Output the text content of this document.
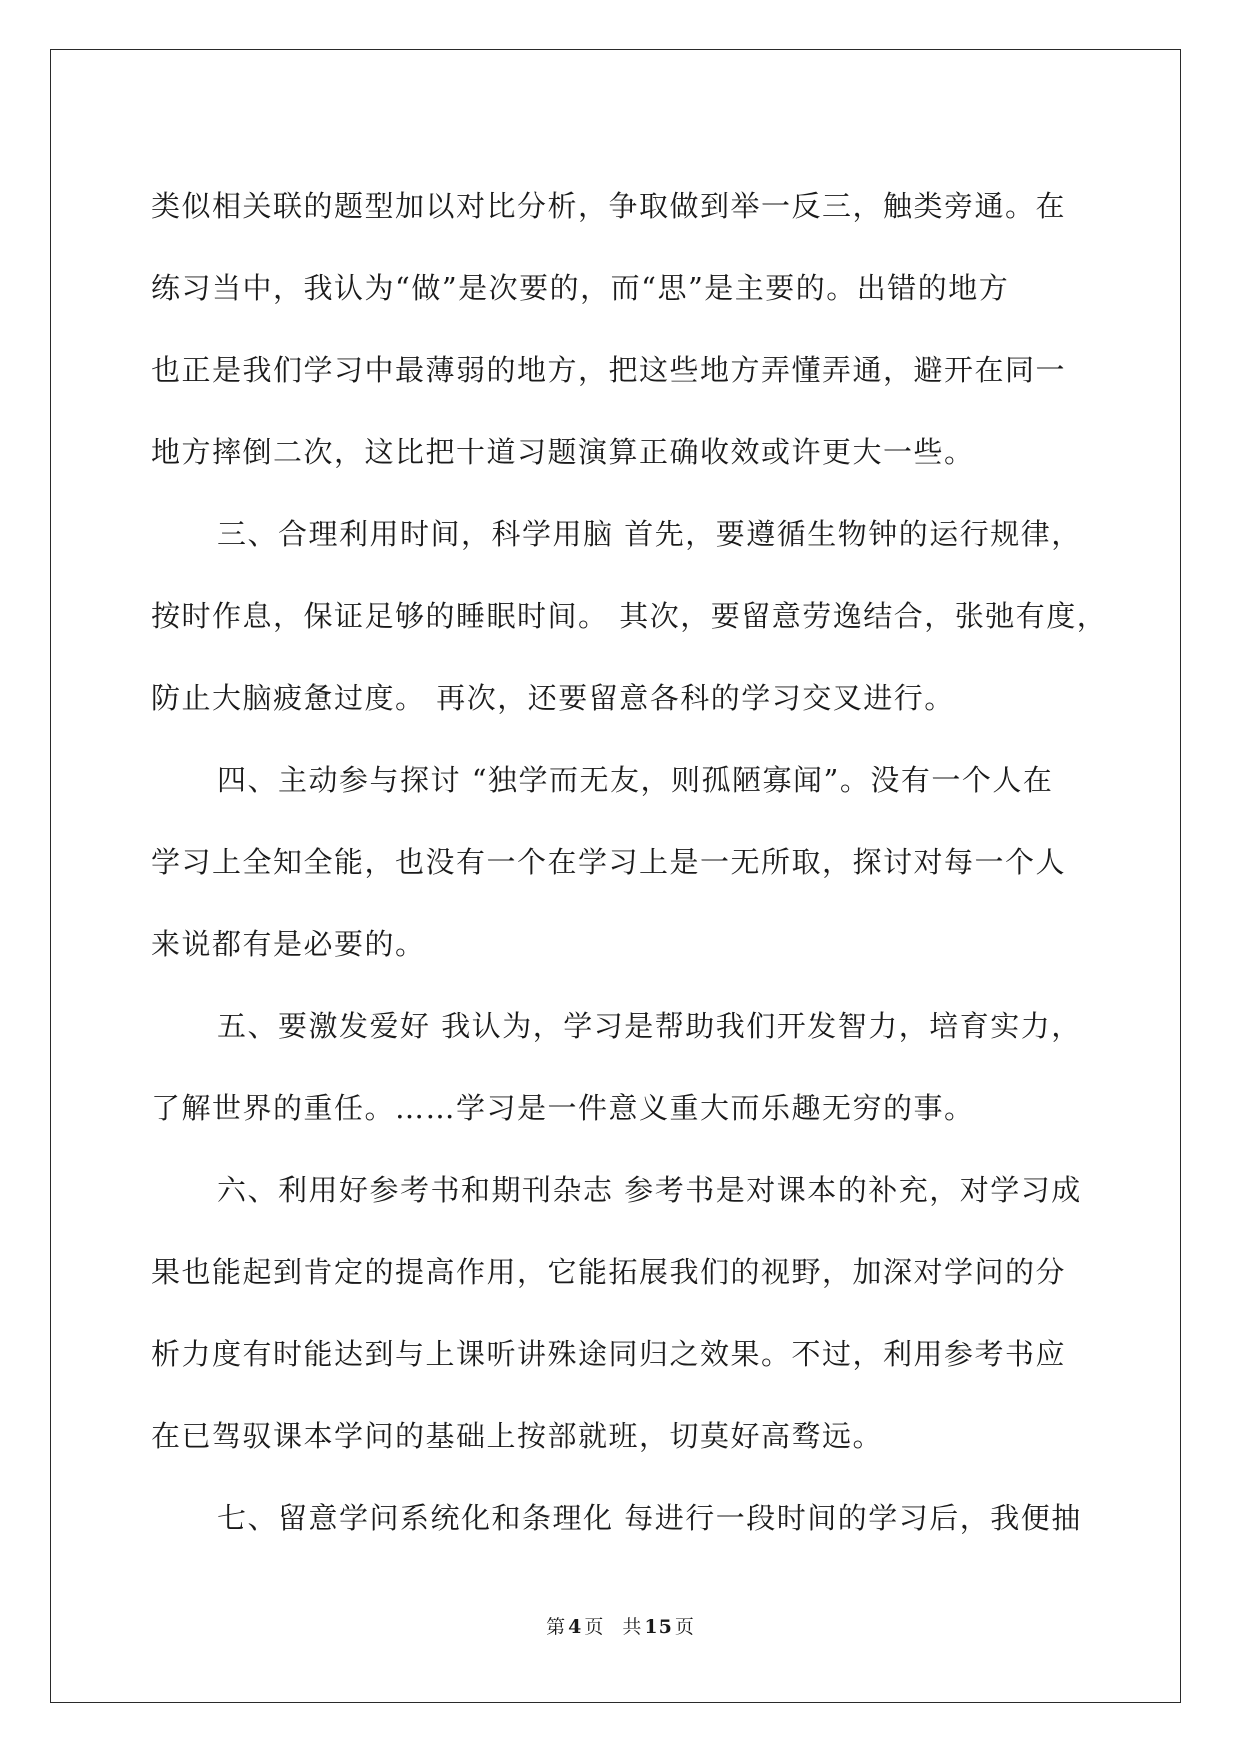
类似相关联的题型加以对比分析，争取做到举一反三，触类旁通。在
练习当中，我认为“做”是次要的，而“思”是主要的。出错的地方
也正是我们学习中最薄弱的地方，把这些地方弄懂弄通，避开在同一
地方摔倒二次，这比把十道习题演算正确收效或许更大一些。

三、合理利用时间，科学用脑 首先，要遵循生物钟的运行规律，
按时作息，保证足够的睡眠时间。 其次，要留意劳逸结合，张弛有度，
防止大脑疲惫过度。 再次，还要留意各科的学习交叉进行。

四、主动参与探讨 “独学而无友，则孤陋寡闻”。没有一个人在
学习上全知全能，也没有一个在学习上是一无所取，探讨对每一个人
来说都有是必要的。

五、要激发爱好 我认为，学习是帮助我们开发智力，培育实力，
了解世界的重任。……学习是一件意义重大而乐趣无穷的事。

六、利用好参考书和期刊杂志 参考书是对课本的补充，对学习成
果也能起到肯定的提高作用，它能拓展我们的视野，加深对学问的分
析力度有时能达到与上课听讲殊途同归之效果。不过，利用参考书应
在已驾驭课本学问的基础上按部就班，切莫好高骛远。

七、留意学问系统化和条理化 每进行一段时间的学习后，我便抽

第 4 页 共 15 页
